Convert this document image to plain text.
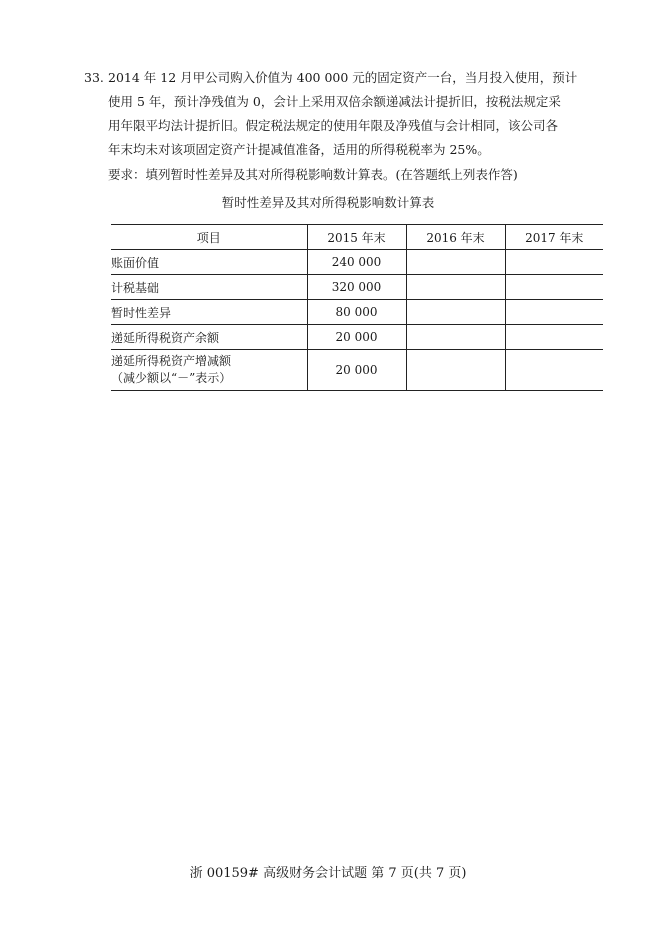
33. 2014 年 12 月甲公司购入价值为 400 000 元的固定资产一台，当月投入使用，预计
使用 5 年，预计净残值为 0，会计上采用双倍余额递减法计提折旧，按税法规定采
用年限平均法计提折旧。假定税法规定的使用年限及净残值与会计相同，该公司各
年末均未对该项固定资产计提减值准备，适用的所得税税率为 25%。
要求：填列暂时性差异及其对所得税影响数计算表。(在答题纸上列表作答)
暂时性差异及其对所得税影响数计算表
项目	2015 年末	2016 年末	2017 年末
账面价值	240 000		
计税基础	320 000		
暂时性差异	80 000		
递延所得税资产余额	20 000		

递延所得税资产增减额
（减少额以“－”表示）	20 000		
浙 00159# 高级财务会计试题 第 7 页(共 7 页)
